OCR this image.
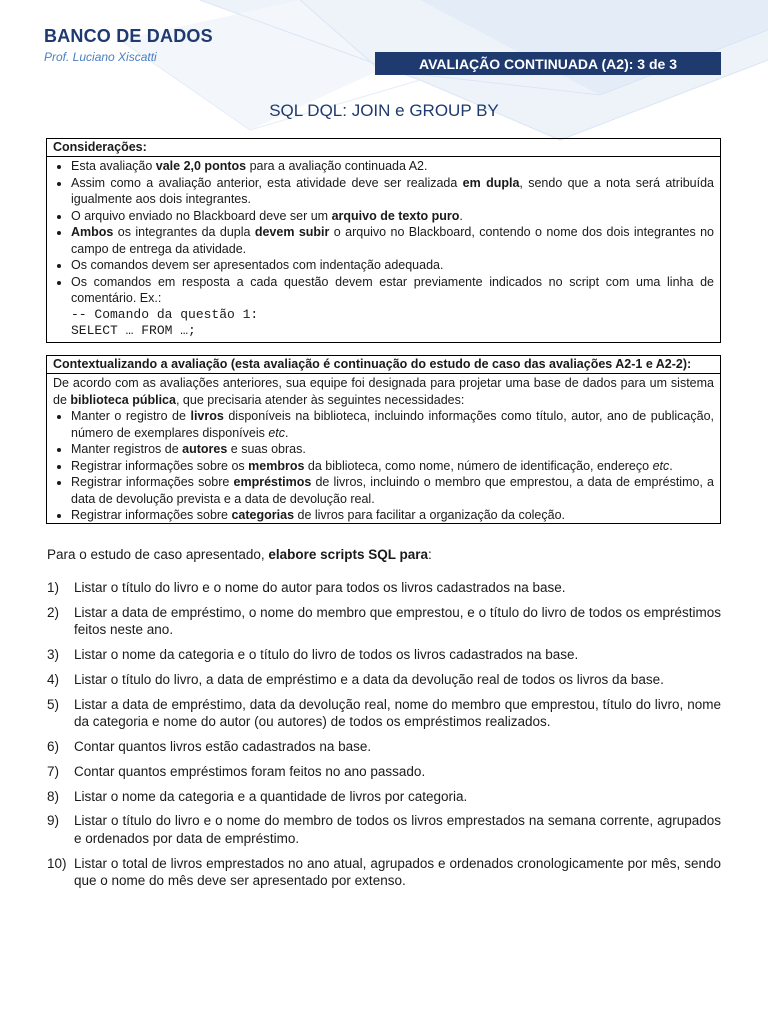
BANCO DE DADOS
Prof. Luciano Xiscatti	AVALIAÇÃO CONTINUADA (A2): 3 de 3
SQL DQL: JOIN e GROUP BY
Considerações:
• Esta avaliação vale 2,0 pontos para a avaliação continuada A2.
• Assim como a avaliação anterior, esta atividade deve ser realizada em dupla, sendo que a nota será atribuída igualmente aos dois integrantes.
• O arquivo enviado no Blackboard deve ser um arquivo de texto puro.
• Ambos os integrantes da dupla devem subir o arquivo no Blackboard, contendo o nome dos dois integrantes no campo de entrega da atividade.
• Os comandos devem ser apresentados com indentação adequada.
• Os comandos em resposta a cada questão devem estar previamente indicados no script com uma linha de comentário. Ex.:
-- Comando da questão 1:
SELECT … FROM …;
Contextualizando a avaliação (esta avaliação é continuação do estudo de caso das avaliações A2-1 e A2-2):
De acordo com as avaliações anteriores, sua equipe foi designada para projetar uma base de dados para um sistema de biblioteca pública, que precisaria atender às seguintes necessidades:
• Manter o registro de livros disponíveis na biblioteca, incluindo informações como título, autor, ano de publicação, número de exemplares disponíveis etc.
• Manter registros de autores e suas obras.
• Registrar informações sobre os membros da biblioteca, como nome, número de identificação, endereço etc.
• Registrar informações sobre empréstimos de livros, incluindo o membro que emprestou, a data de empréstimo, a data de devolução prevista e a data de devolução real.
• Registrar informações sobre categorias de livros para facilitar a organização da coleção.
Para o estudo de caso apresentado, elabore scripts SQL para:
1)	Listar o título do livro e o nome do autor para todos os livros cadastrados na base.
2)	Listar a data de empréstimo, o nome do membro que emprestou, e o título do livro de todos os empréstimos feitos neste ano.
3)	Listar o nome da categoria e o título do livro de todos os livros cadastrados na base.
4)	Listar o título do livro, a data de empréstimo e a data da devolução real de todos os livros da base.
5)	Listar a data de empréstimo, data da devolução real, nome do membro que emprestou, título do livro, nome da categoria e nome do autor (ou autores) de todos os empréstimos realizados.
6)	Contar quantos livros estão cadastrados na base.
7)	Contar quantos empréstimos foram feitos no ano passado.
8)	Listar o nome da categoria e a quantidade de livros por categoria.
9)	Listar o título do livro e o nome do membro de todos os livros emprestados na semana corrente, agrupados e ordenados por data de empréstimo.
10) Listar o total de livros emprestados no ano atual, agrupados e ordenados cronologicamente por mês, sendo que o nome do mês deve ser apresentado por extenso.
